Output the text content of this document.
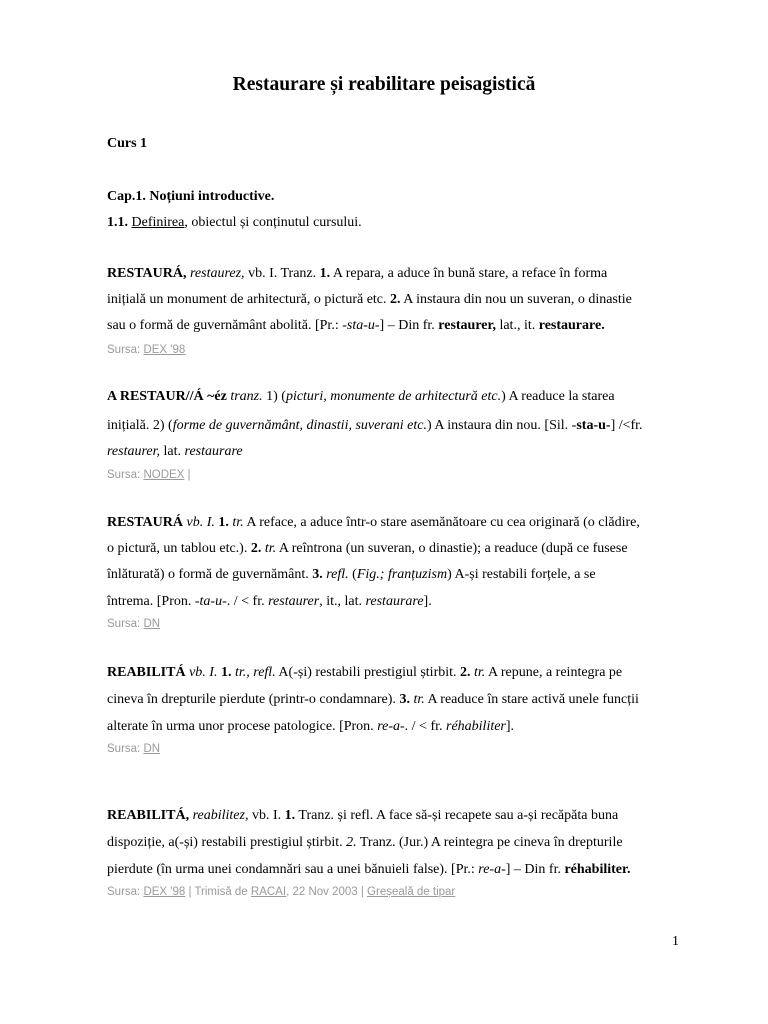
Restaurare și reabilitare peisagistică
Curs 1
Cap.1. Noțiuni introductive.
1.1. Definirea, obiectul și conținutul cursului.
RESTAURÁ, restaurez, vb. I. Tranz. 1. A repara, a aduce în bună stare, a reface în forma
inițială un monument de arhitectură, o pictură etc. 2. A instaura din nou un suveran, o dinastie
sau o formă de guvernământ abolită. [Pr.: -sta-u-] – Din fr. restaurer, lat., it. restaurare.
Sursa: DEX '98
A RESTAUR//Á ~éz tranz. 1) (picturi, monumente de arhitectură etc.) A readuce la starea
inițială. 2) (forme de guvernământ, dinastii, suverani etc.) A instaura din nou. [Sil. -sta-u-] /<fr.
restaurer, lat. restaurare
Sursa: NODEX |
RESTAURÁ vb. I. 1. tr. A reface, a aduce într-o stare asemănătoare cu cea originară (o clădire,
o pictură, un tablou etc.). 2. tr. A reîntrona (un suveran, o dinastie); a readuce (după ce fusese
înlăturată) o formă de guvernământ. 3. refl. (Fig.; franțuzism) A-și restabili forțele, a se
întrema. [Pron. -ta-u-. / < fr. restaurer, it., lat. restaurare].
Sursa: DN
REABILITÁ vb. I. 1. tr., refl. A(-și) restabili prestigiul știrbit. 2. tr. A repune, a reintegra pe
cineva în drepturile pierdute (printr-o condamnare). 3. tr. A readuce în stare activă unele funcții
alterate în urma unor procese patologice. [Pron. re-a-. / < fr. réhabiliter].
Sursa: DN
REABILITÁ, reabilitez, vb. I. 1. Tranz. și refl. A face să-și recapete sau a-și recăpăta buna
dispoziție, a(-și) restabili prestigiul știrbit. 2. Tranz. (Jur.) A reintegra pe cineva în drepturile
pierdute (în urma unei condamnări sau a unei bănuieli false). [Pr.: re-a-] – Din fr. réhabiliter.
Sursa: DEX '98 | Trimisă de RACAI, 22 Nov 2003 | Greșeală de tipar
1
